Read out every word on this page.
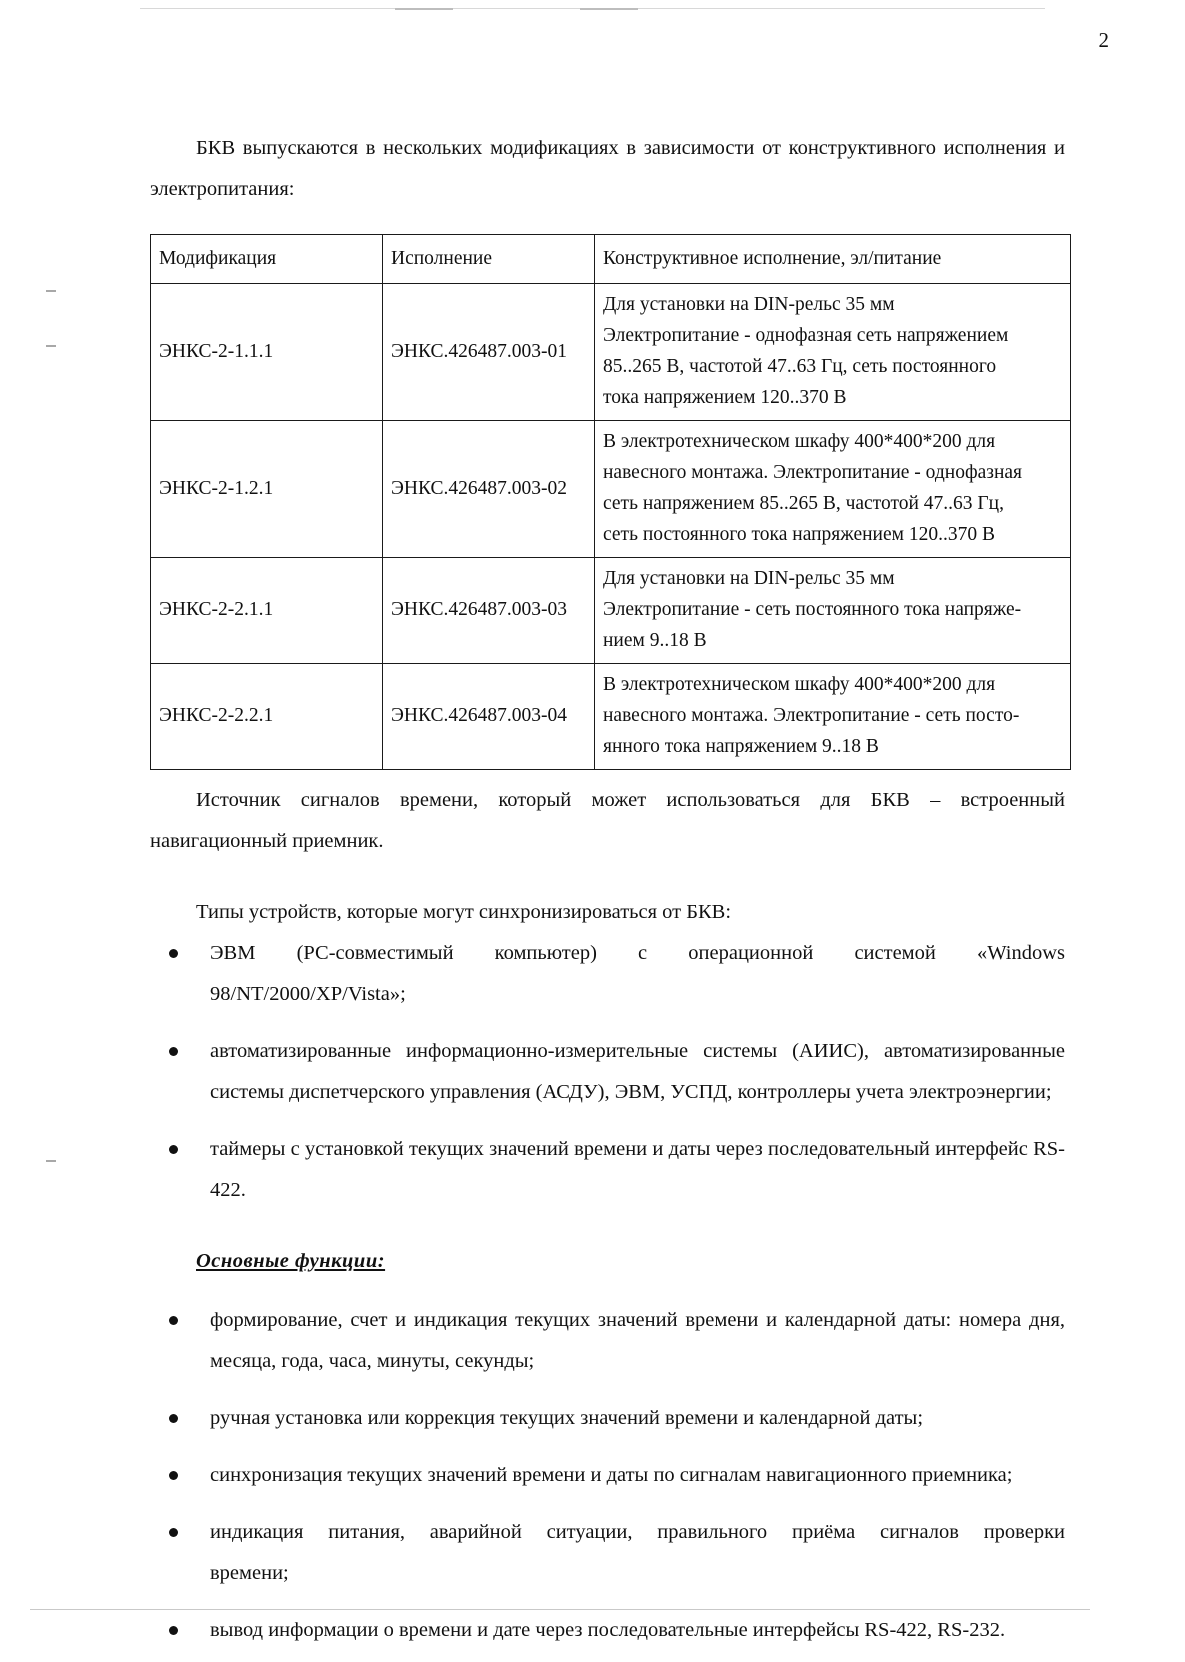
2

БКВ выпускаются в нескольких модификациях в зависимости от конструктивного исполнения и электропитания:

Модификация	Исполнение	Конструктивное исполнение, эл/питание
ЭНКС-2-1.1.1	ЭНКС.426487.003-01	Для установки на DIN-рельс 35 мм
Электропитание - однофазная сеть напряжением
85..265 В, частотой 47..63 Гц, сеть постоянного
тока напряжением 120..370 В

ЭНКС-2-1.2.1	ЭНКС.426487.003-02	В электротехническом шкафу 400*400*200 для
навесного монтажа. Электропитание - однофазная
сеть напряжением 85..265 В, частотой 47..63 Гц,
сеть постоянного тока напряжением 120..370 В

ЭНКС-2-2.1.1	ЭНКС.426487.003-03	Для установки на DIN-рельс 35 мм
Электропитание - сеть постоянного тока напряже-
нием 9..18 В

ЭНКС-2-2.2.1	ЭНКС.426487.003-04	В электротехническом шкафу 400*400*200 для
навесного монтажа. Электропитание - сеть посто-
янного тока напряжением 9..18 В

Источник сигналов времени, который может использоваться для БКВ – встроенный навигационный приемник.

Типы устройств, которые могут синхронизироваться от БКВ:

ЭВМ (РС-совместимый компьютер) с операционной системой «Windows 98/NT/2000/XP/Vista»;
автоматизированные информационно-измерительные системы (АИИС), автоматизированные системы диспетчерского управления (АСДУ), ЭВМ, УСПД, контроллеры учета электроэнергии;
таймеры с установкой текущих значений времени и даты через последовательный интерфейс RS-422.
Основные функции:
формирование, счет и индикация текущих значений времени и календарной даты: номера дня, месяца, года, часа, минуты, секунды;
ручная установка или коррекция текущих значений времени и календарной даты;
синхронизация текущих значений времени и даты по сигналам навигационного приемника;
индикация питания, аварийной ситуации, правильного приёма сигналов проверки времени;
вывод информации о времени и дате через последовательные интерфейсы RS-422, RS-232.
